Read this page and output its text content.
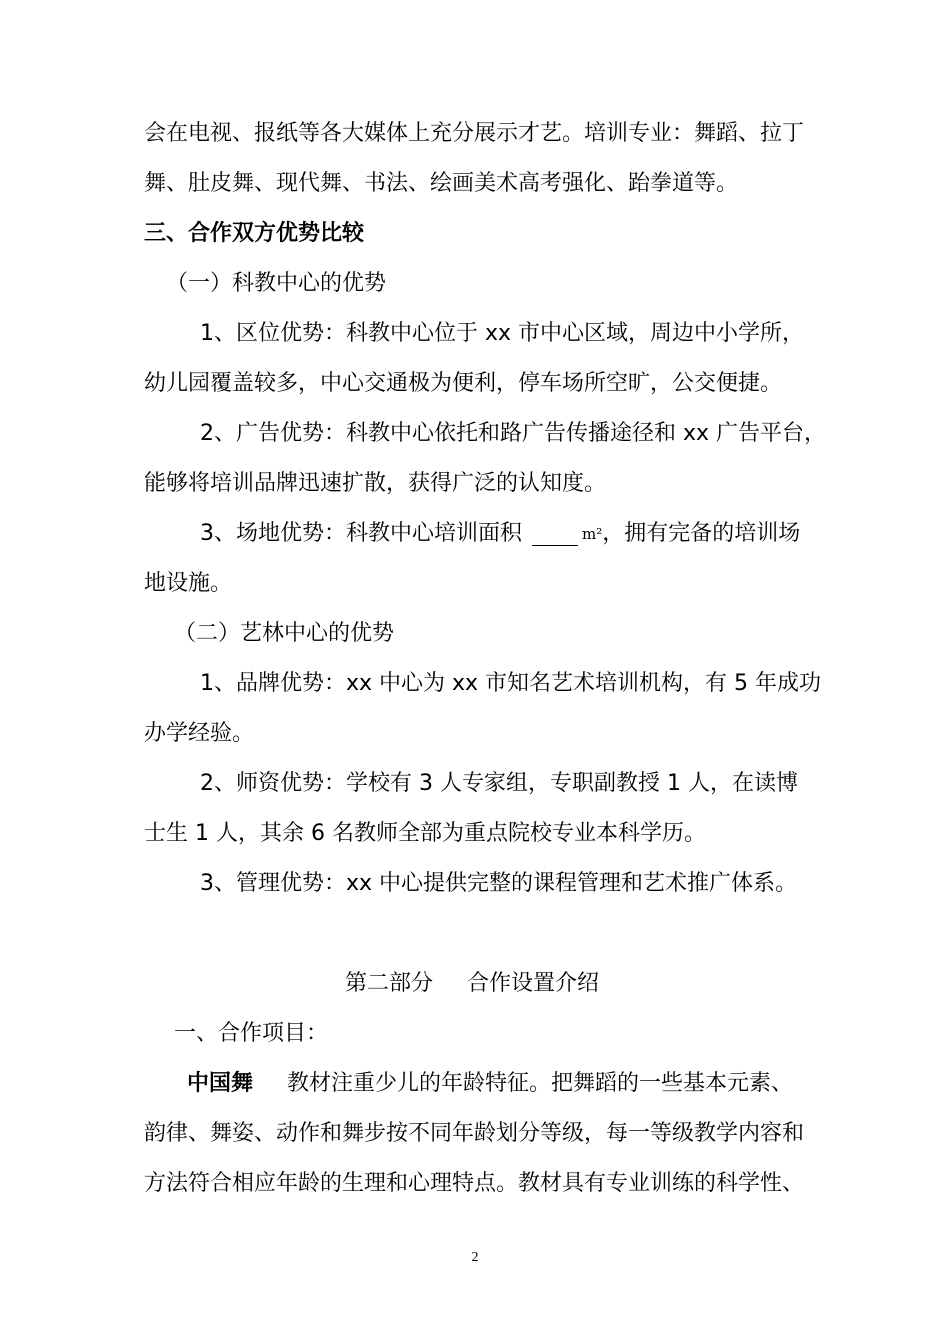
会在电视、报纸等各大媒体上充分展示才艺。培训专业：舞蹈、拉丁
舞、肚皮舞、现代舞、书法、绘画美术高考强化、跆拳道等。
三、合作双方优势比较
（一）科教中心的优势
1、区位优势：科教中心位于 xx 市中心区域，周边中小学所，
幼儿园覆盖较多，中心交通极为便利，停车场所空旷，公交便捷。
2、广告优势：科教中心依托和路广告传播途径和 xx 广告平台，
能够将培训品牌迅速扩散，获得广泛的认知度。
3、场地优势：科教中心培训面积	$^{m^2}$，拥有完备的培训场
地设施。
（二）艺林中心的优势
1、品牌优势：xx 中心为 xx 市知名艺术培训机构，有 5 年成功
办学经验。
2、师资优势：学校有 3 人专家组，专职副教授 1 人，在读博
士生 1 人，其余 6 名教师全部为重点院校专业本科学历。
3、管理优势：xx 中心提供完整的课程管理和艺术推广体系。
第二部分 合作设置介绍
一、合作项目：
中国舞 教材注重少儿的年龄特征。把舞蹈的一些基本元素、
韵律、舞姿、动作和舞步按不同年龄划分等级，每一等级教学内容和
方法符合相应年龄的生理和心理特点。教材具有专业训练的科学性、
2
